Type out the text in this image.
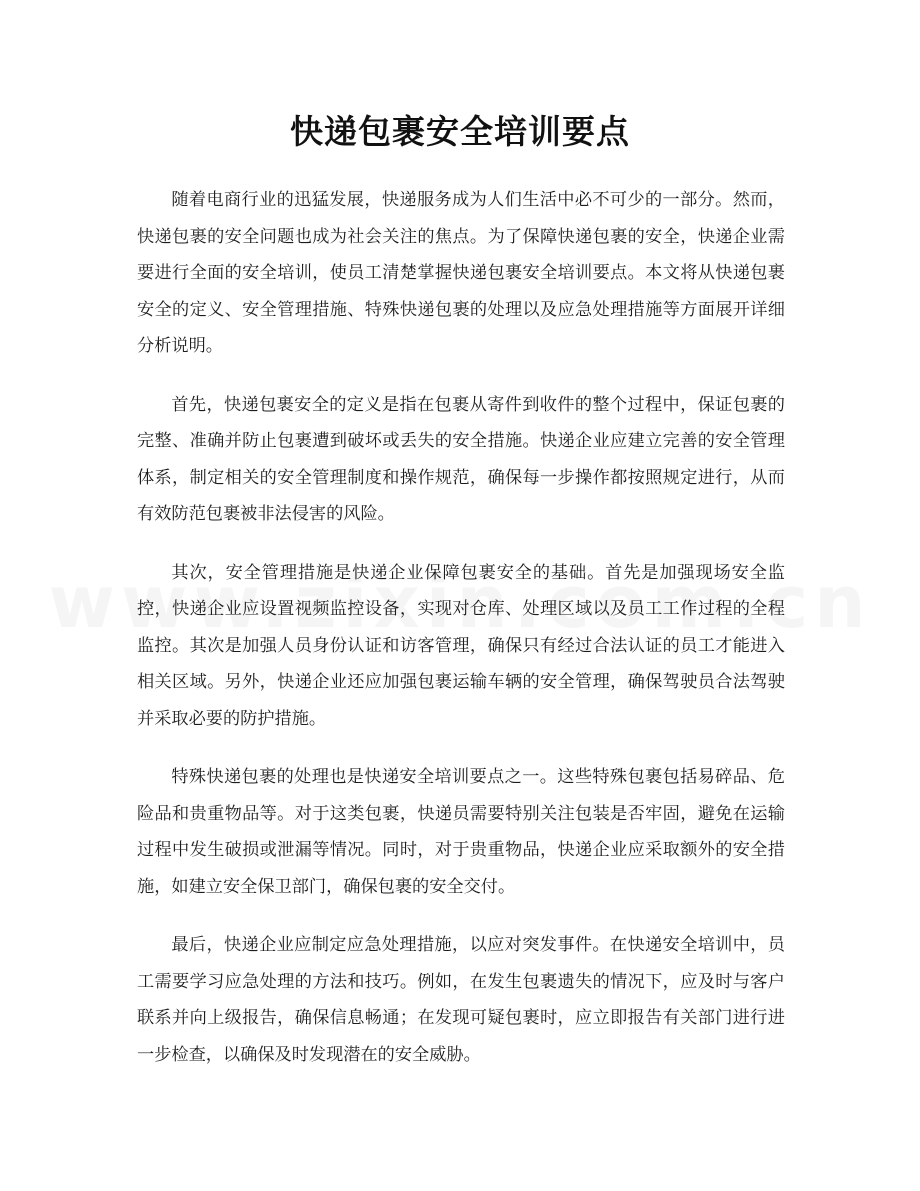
快递包裹安全培训要点

随着电商行业的迅猛发展，快递服务成为人们生活中必不可少的一部分。然而，快递包裹的安全问题也成为社会关注的焦点。为了保障快递包裹的安全，快递企业需要进行全面的安全培训，使员工清楚掌握快递包裹安全培训要点。本文将从快递包裹安全的定义、安全管理措施、特殊快递包裹的处理以及应急处理措施等方面展开详细分析说明。

首先，快递包裹安全的定义是指在包裹从寄件到收件的整个过程中，保证包裹的完整、准确并防止包裹遭到破坏或丢失的安全措施。快递企业应建立完善的安全管理体系，制定相关的安全管理制度和操作规范，确保每一步操作都按照规定进行，从而有效防范包裹被非法侵害的风险。

其次，安全管理措施是快递企业保障包裹安全的基础。首先是加强现场安全监控，快递企业应设置视频监控设备，实现对仓库、处理区域以及员工工作过程的全程监控。其次是加强人员身份认证和访客管理，确保只有经过合法认证的员工才能进入相关区域。另外，快递企业还应加强包裹运输车辆的安全管理，确保驾驶员合法驾驶并采取必要的防护措施。

特殊快递包裹的处理也是快递安全培训要点之一。这些特殊包裹包括易碎品、危险品和贵重物品等。对于这类包裹，快递员需要特别关注包装是否牢固，避免在运输过程中发生破损或泄漏等情况。同时，对于贵重物品，快递企业应采取额外的安全措施，如建立安全保卫部门，确保包裹的安全交付。

最后，快递企业应制定应急处理措施，以应对突发事件。在快递安全培训中，员工需要学习应急处理的方法和技巧。例如，在发生包裹遗失的情况下，应及时与客户联系并向上级报告，确保信息畅通；在发现可疑包裹时，应立即报告有关部门进行进一步检查，以确保及时发现潜在的安全威胁。
